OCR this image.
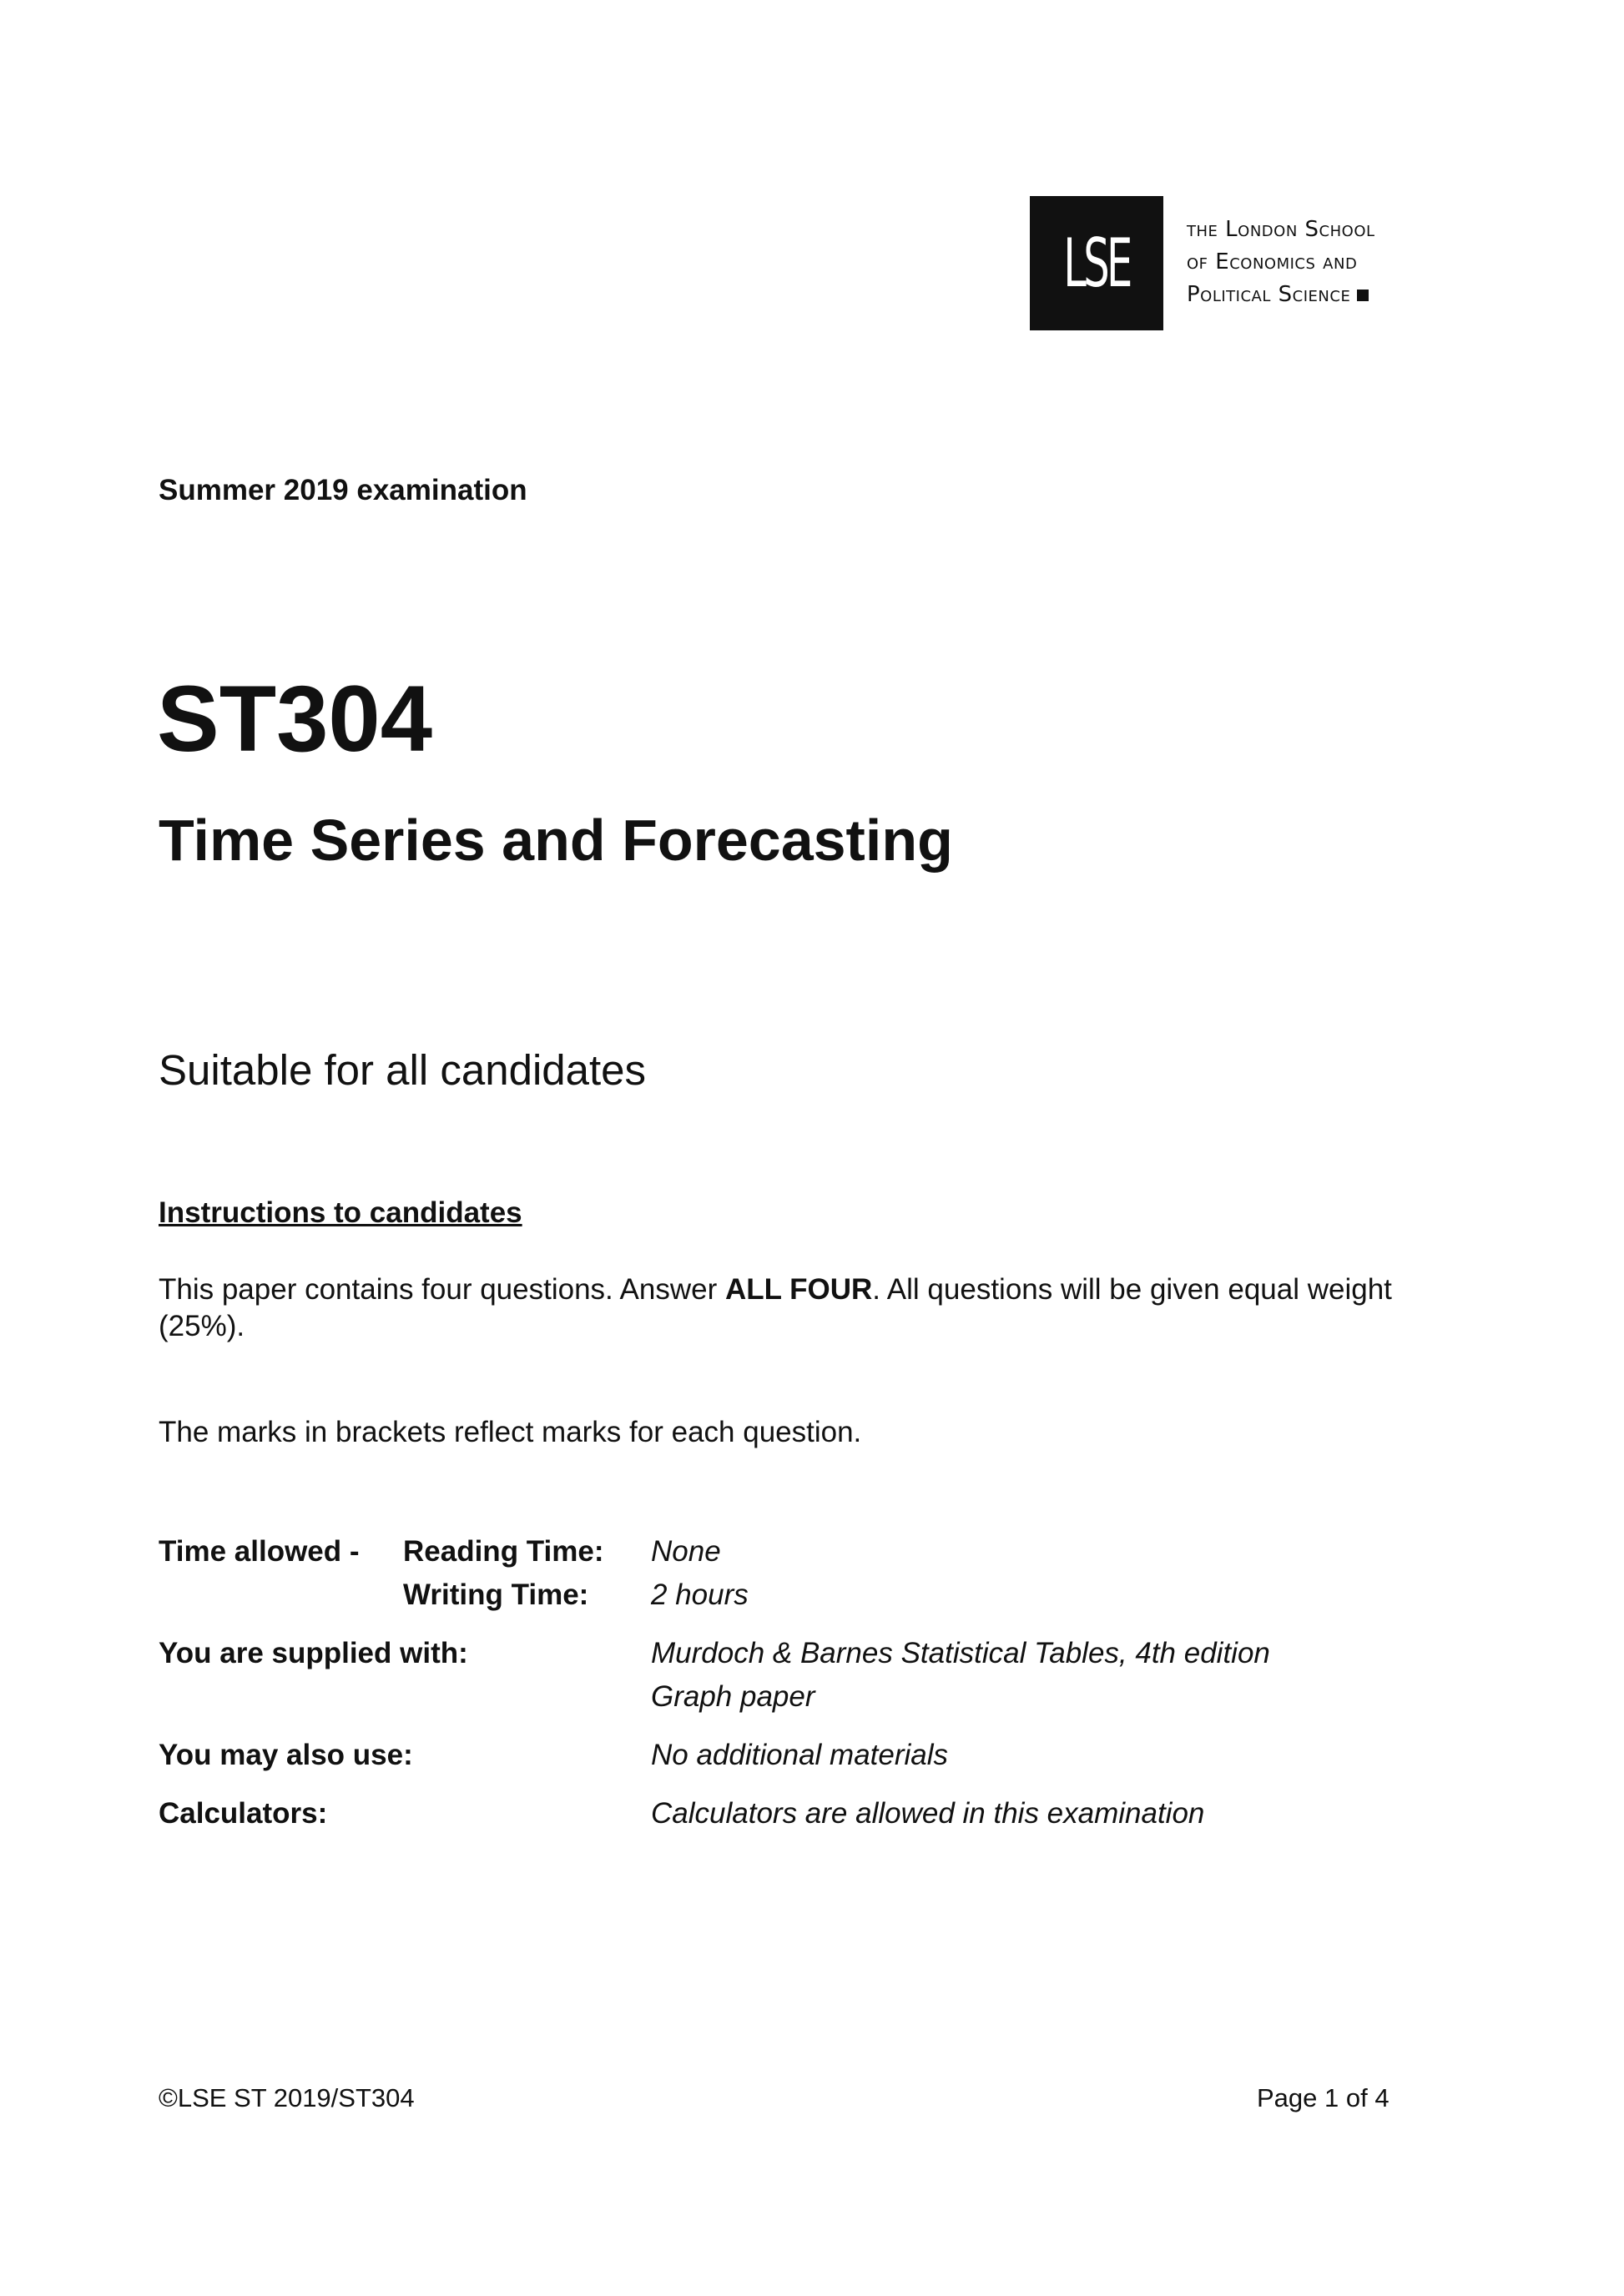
LSE	the London School
of Economics and
Political Science
Summer 2019 examination
ST304
Time Series and Forecasting
Suitable for all candidates
Instructions to candidates
This paper contains four questions. Answer ALL FOUR. All questions will be given equal weight (25%).
The marks in brackets reflect marks for each question.
Time allowed - Reading Time: None
Writing Time: 2 hours
You are supplied with:	Murdoch & Barnes Statistical Tables, 4th edition
Graph paper
You may also use:	No additional materials
Calculators:	Calculators are allowed in this examination
©LSE ST 2019/ST304	Page 1 of 4
